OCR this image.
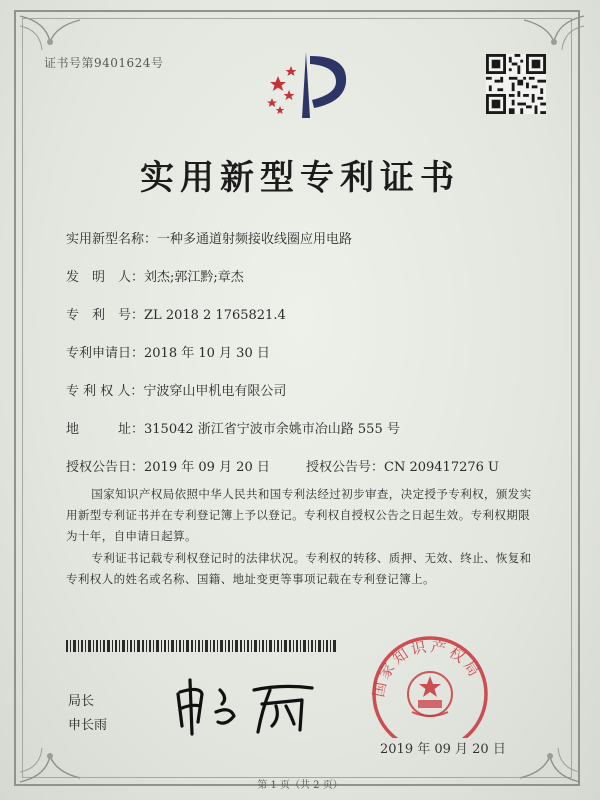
证书号第9401624号
实用新型专利证书
实用新型名称：一种多通道射频接收线圈应用电路
发　明　人：刘杰;郭江黔;章杰
专　利　号：ZL 2018 2 1765821.4
专利申请日：2018 年 10 月 30 日
专 利 权 人：宁波穿山甲机电有限公司
地　　　址：315042 浙江省宁波市余姚市冶山路 555 号
授权公告日：2019 年 09 月 20 日	授权公告号：CN 209417276 U
国家知识产权局依照中华人民共和国专利法经过初步审查，决定授予专利权，颁发实用新型专利证书并在专利登记簿上予以登记。专利权自授权公告之日起生效。专利权期限为十年，自申请日起算。
专利证书记载专利权登记时的法律状况。专利权的转移、质押、无效、终止、恢复和专利权人的姓名或名称、国籍、地址变更等事项记载在专利登记簿上。
局长
申长雨
国家知识产权局
2019 年 09 月 20 日
第 1 页（共 2 页）
